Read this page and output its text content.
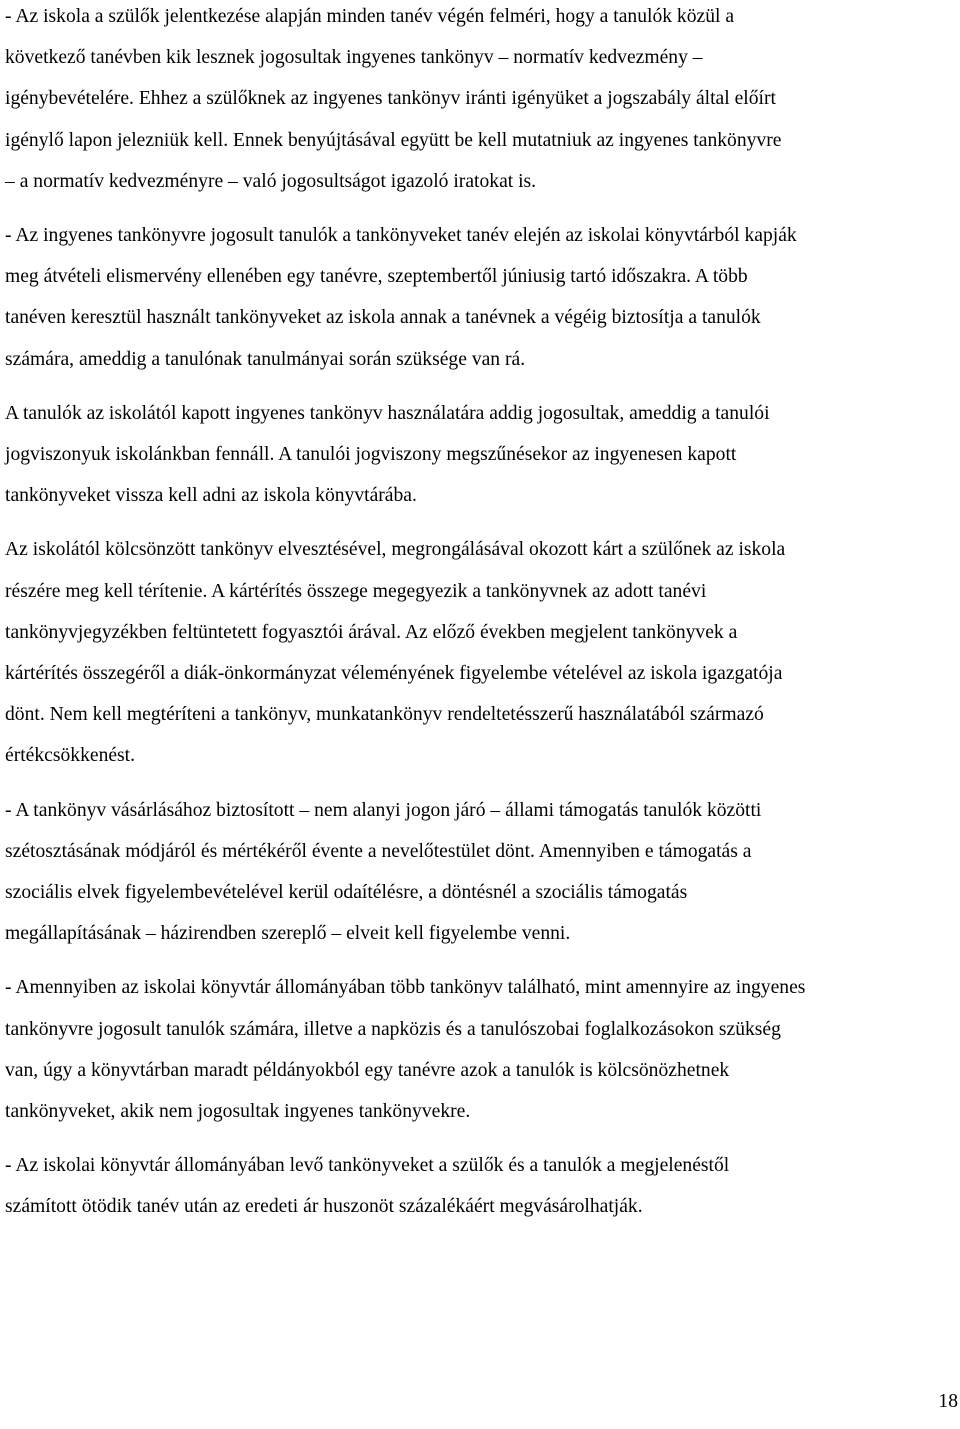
- Az iskola a szülők jelentkezése alapján minden tanév végén felméri, hogy a tanulók közül a
következő tanévben kik lesznek jogosultak ingyenes tankönyv – normatív kedvezmény –
igénybevételére. Ehhez a szülőknek az ingyenes tankönyv iránti igényüket a jogszabály által előírt
igénylő lapon jelezniük kell. Ennek benyújtásával együtt be kell mutatniuk az ingyenes tankönyvre
– a normatív kedvezményre – való jogosultságot igazoló iratokat is.

- Az ingyenes tankönyvre jogosult tanulók a tankönyveket tanév elején az iskolai könyvtárból kapják
meg átvételi elismervény ellenében egy tanévre, szeptembertől júniusig tartó időszakra. A több
tanéven keresztül használt tankönyveket az iskola annak a tanévnek a végéig biztosítja a tanulók
számára, ameddig a tanulónak tanulmányai során szüksége van rá.

A tanulók az iskolától kapott ingyenes tankönyv használatára addig jogosultak, ameddig a tanulói
jogviszonyuk iskolánkban fennáll. A tanulói jogviszony megszűnésekor az ingyenesen kapott
tankönyveket vissza kell adni az iskola könyvtárába.

Az iskolától kölcsönzött tankönyv elvesztésével, megrongálásával okozott kárt a szülőnek az iskola
részére meg kell térítenie. A kártérítés összege megegyezik a tankönyvnek az adott tanévi
tankönyvjegyzékben feltüntetett fogyasztói árával. Az előző években megjelent tankönyvek a
kártérítés összegéről a diák-önkormányzat véleményének figyelembe vételével az iskola igazgatója
dönt. Nem kell megtéríteni a tankönyv, munkatankönyv rendeltetésszerű használatából származó
értékcsökkenést.

- A tankönyv vásárlásához biztosított – nem alanyi jogon járó – állami támogatás tanulók közötti
szétosztásának módjáról és mértékéről évente a nevelőtestület dönt. Amennyiben e támogatás a
szociális elvek figyelembevételével kerül odaítélésre, a döntésnél a szociális támogatás
megállapításának – házirendben szereplő – elveit kell figyelembe venni.

- Amennyiben az iskolai könyvtár állományában több tankönyv található, mint amennyire az ingyenes
tankönyvre jogosult tanulók számára, illetve a napközis és a tanulószobai foglalkozásokon szükség
van, úgy a könyvtárban maradt példányokból egy tanévre azok a tanulók is kölcsönözhetnek
tankönyveket, akik nem jogosultak ingyenes tankönyvekre.

- Az iskolai könyvtár állományában levő tankönyveket a szülők és a tanulók a megjelenéstől
számított ötödik tanév után az eredeti ár huszonöt százalékáért megvásárolhatják.

18
